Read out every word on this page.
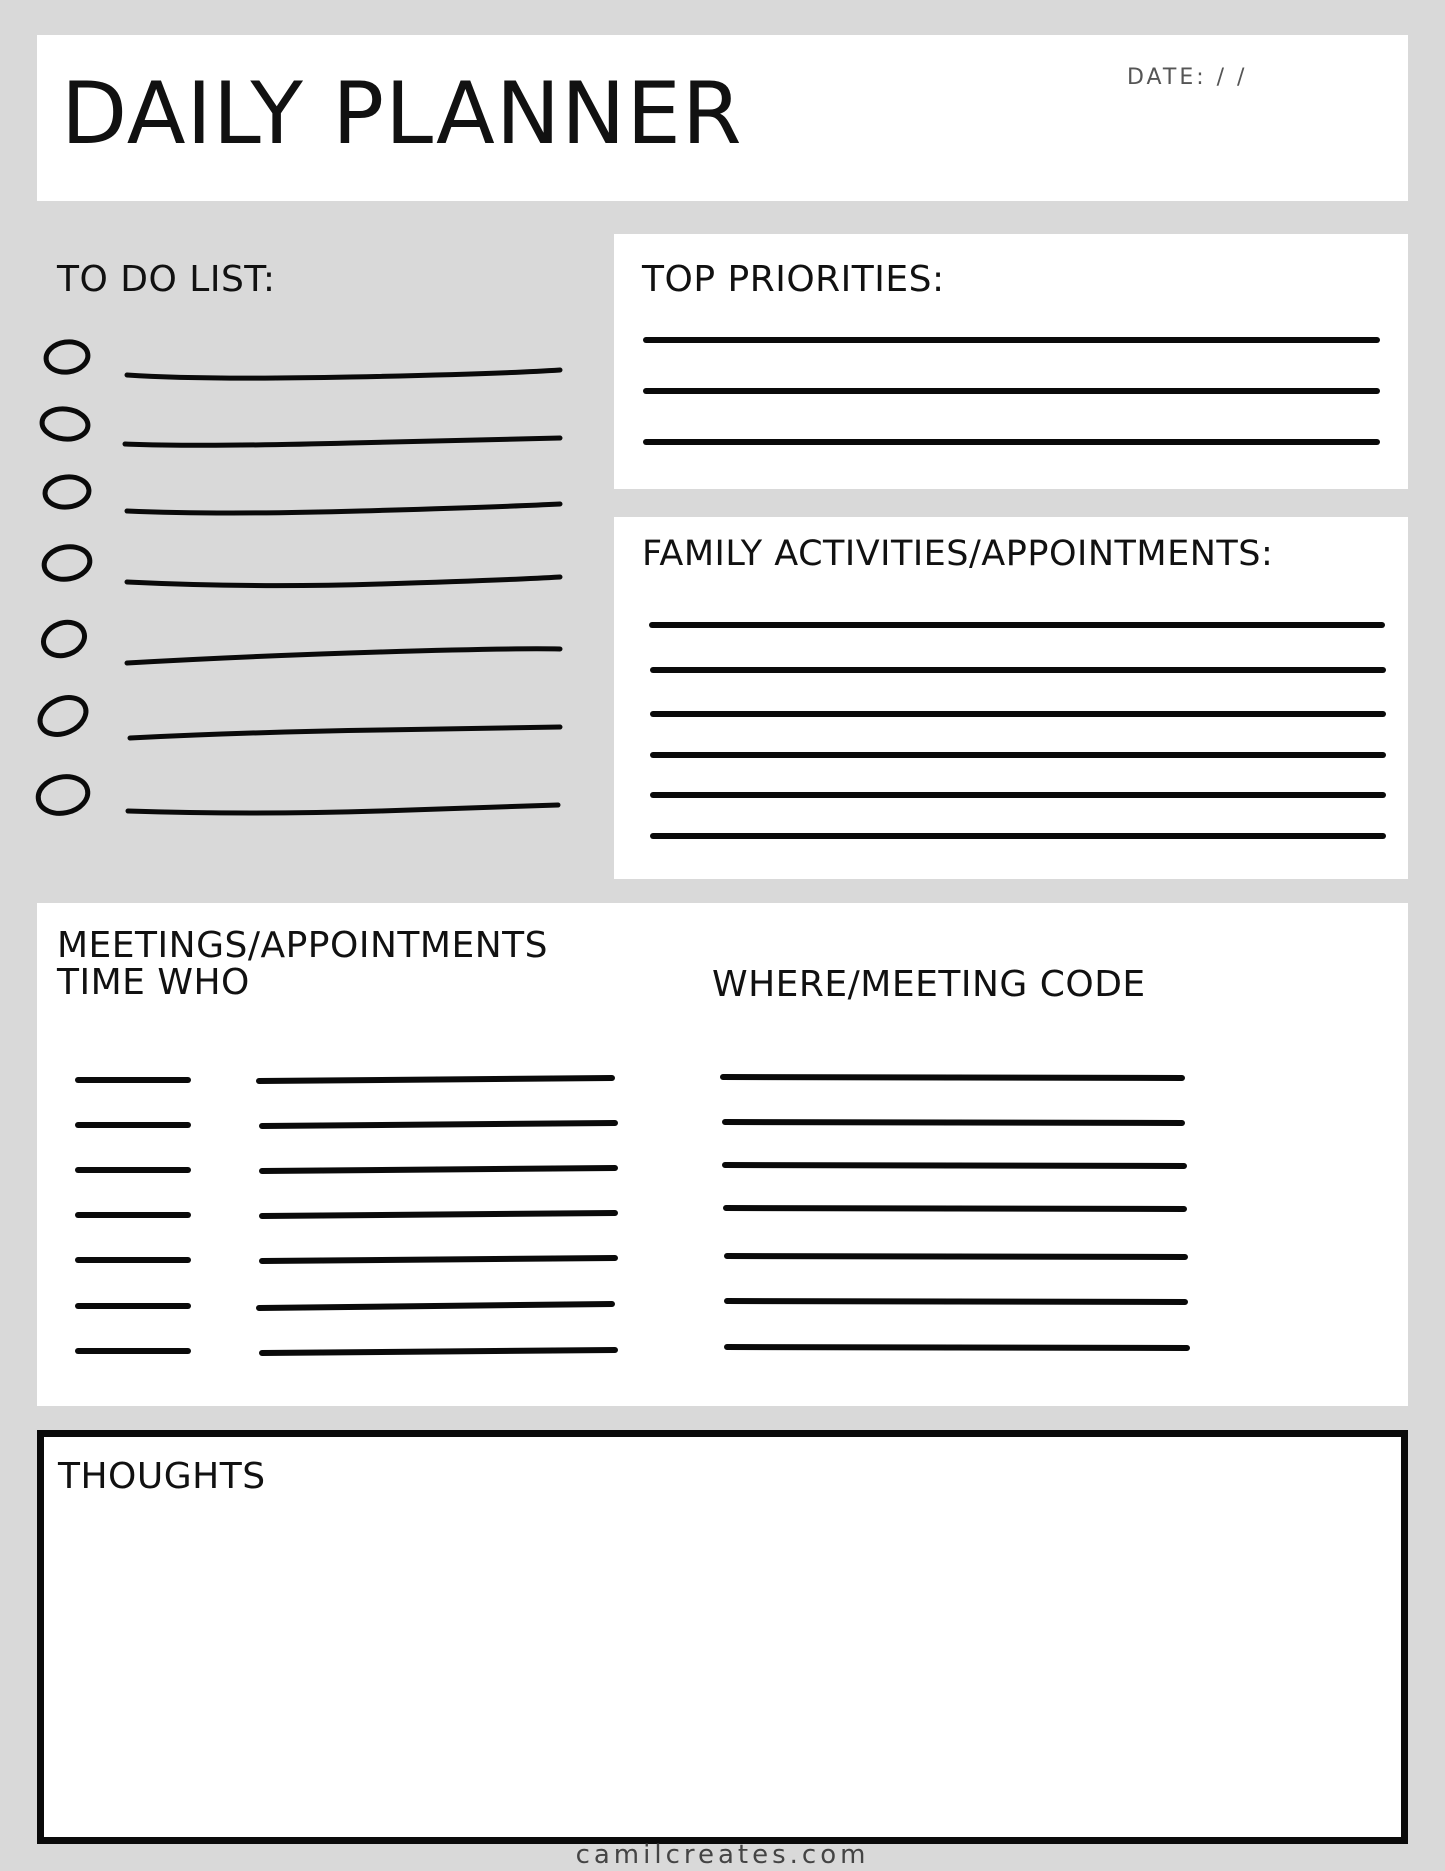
DAILY PLANNER	DATE: / /
TO DO LIST:	TOP PRIORITIES:
FAMILY ACTIVITIES/APPOINTMENTS:
MEETINGS/APPOINTMENTS
TIME WHO	WHERE/MEETING CODE
THOUGHTS
camilcreates.com
